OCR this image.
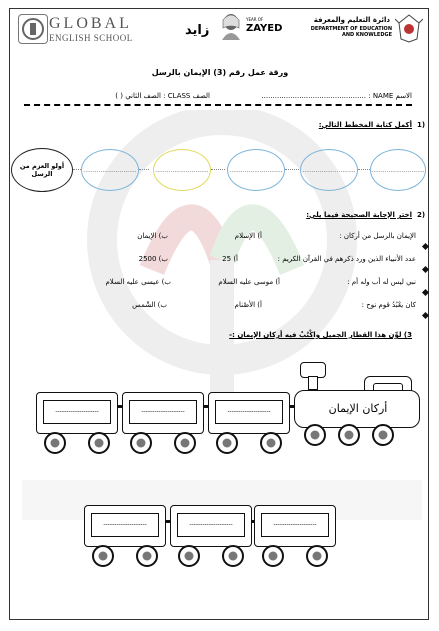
GLOBAL
ENGLISH SCHOOL	زايد
YEAR OF
ZAYED
دائرة التعليم والمعرفة
DEPARTMENT OF EDUCATION
AND KNOWLEDGE
ورقة عمل رقم (3) الإيمان بالرسل
الاسم NAME : ...............................................
الصف CLASS : الصف الثاني ( )
1)
أكمل كتابة المخطط التالي:
أولو العزم من الرسل	............................	............................	............................	............................	............................
2)
اختر الإجابة الصحيحة فيما يلي:
الإيمان بالرسل من أركان :
أ) الإسلام
ب) الإيمان
عدد الأنبياء الذين ورد ذكرهم في القرآن الكريم :
أ) 25
ب) 2500
نبي ليس له أب وله أم :
أ) موسى عليه السلام
ب) عيسى عليه السلام
كان يعْبُدُ قوم نوح :
أ) الأصْنام
ب) الشّمس
3) لوِّن هذا القطار الجميل واكْتُبْ فيه أركان الإيمان :-
أركان الإيمان
--------------------	--------------------	--------------------
--------------------	--------------------	--------------------
